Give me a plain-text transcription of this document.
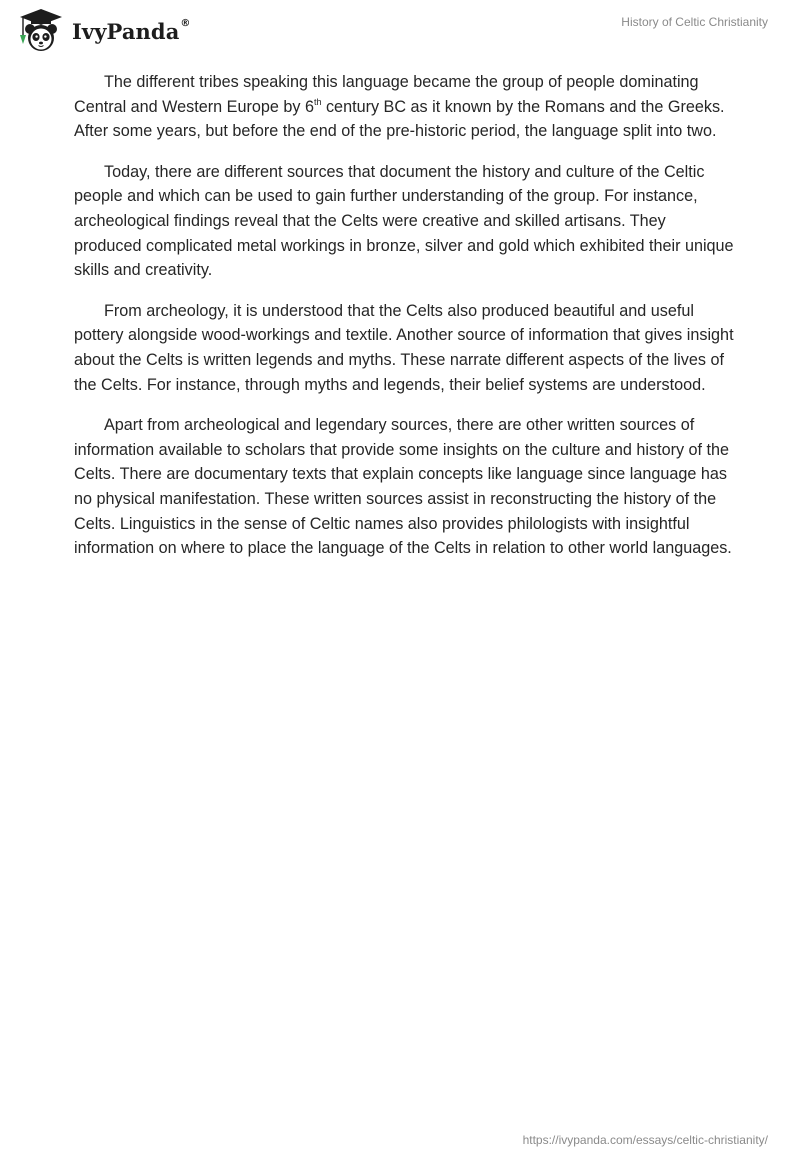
IvyPanda ®	History of Celtic Christianity

The different tribes speaking this language became the group of people dominating Central and Western Europe by 6th century BC as it known by the Romans and the Greeks. After some years, but before the end of the pre-historic period, the language split into two.

Today, there are different sources that document the history and culture of the Celtic people and which can be used to gain further understanding of the group. For instance, archeological findings reveal that the Celts were creative and skilled artisans. They produced complicated metal workings in bronze, silver and gold which exhibited their unique skills and creativity.

From archeology, it is understood that the Celts also produced beautiful and useful pottery alongside wood-workings and textile. Another source of information that gives insight about the Celts is written legends and myths. These narrate different aspects of the lives of the Celts. For instance, through myths and legends, their belief systems are understood.

Apart from archeological and legendary sources, there are other written sources of information available to scholars that provide some insights on the culture and history of the Celts. There are documentary texts that explain concepts like language since language has no physical manifestation. These written sources assist in reconstructing the history of the Celts. Linguistics in the sense of Celtic names also provides philologists with insightful information on where to place the language of the Celts in relation to other world languages.

https://ivypanda.com/essays/celtic-christianity/
